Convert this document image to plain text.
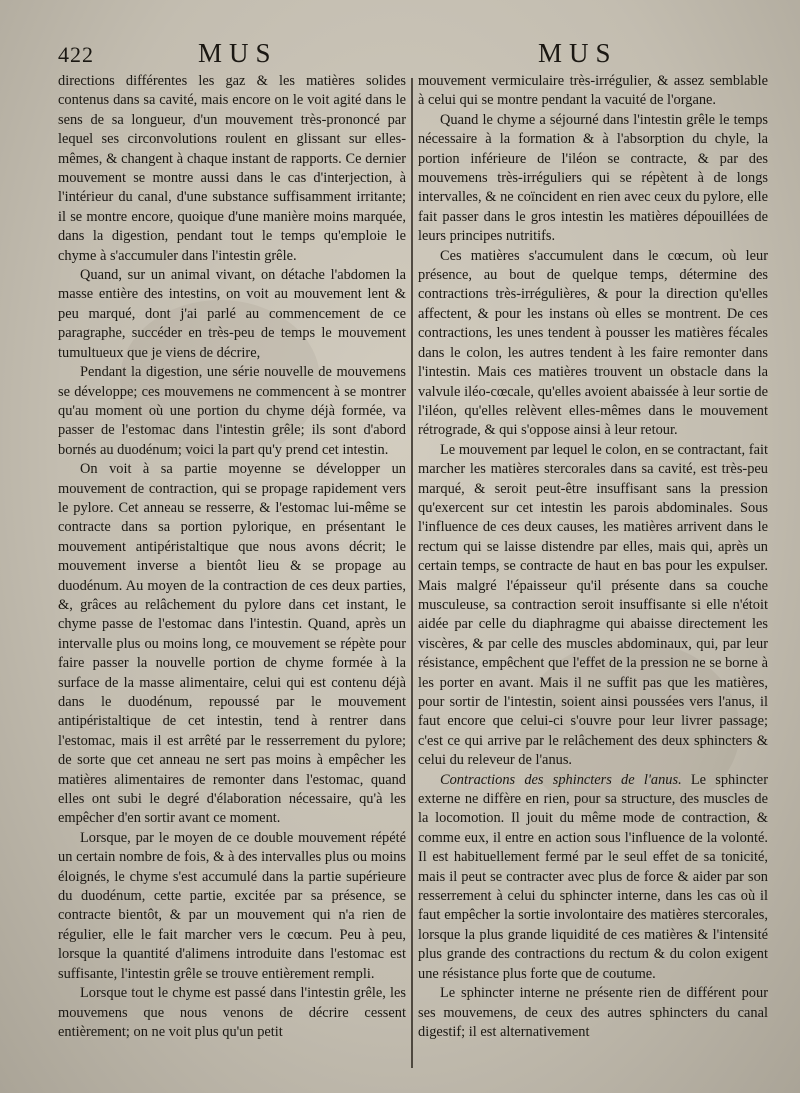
422	MUS	MUS

directions différentes les gaz & les matières solides contenus dans sa cavité, mais encore on le voit agité dans le sens de sa longueur, d'un mouvement très-prononcé par lequel ses circonvolutions roulent en glissant sur elles-mêmes, & changent à chaque instant de rapports. Ce dernier mouvement se montre aussi dans le cas d'interjection, à l'intérieur du canal, d'une substance suffisamment irritante; il se montre encore, quoique d'une manière moins marquée, dans la digestion, pendant tout le temps qu'emploie le chyme à s'accumuler dans l'intestin grêle.

Quand, sur un animal vivant, on détache l'abdomen la masse entière des intestins, on voit au mouvement lent & peu marqué, dont j'ai parlé au commencement de ce paragraphe, succéder en très-peu de temps le mouvement tumultueux que je viens de décrire,

Pendant la digestion, une série nouvelle de mouvemens se développe; ces mouvemens ne commencent à se montrer qu'au moment où une portion du chyme déjà formée, va passer de l'estomac dans l'intestin grêle; ils sont d'abord bornés au duodénum; voici la part qu'y prend cet intestin.

On voit à sa partie moyenne se développer un mouvement de contraction, qui se propage rapidement vers le pylore. Cet anneau se resserre, & l'estomac lui-même se contracte dans sa portion pylorique, en présentant le mouvement antipéristaltique que nous avons décrit; le mouvement inverse a bientôt lieu & se propage au duodénum. Au moyen de la contraction de ces deux parties, &, grâces au relâchement du pylore dans cet instant, le chyme passe de l'estomac dans l'intestin. Quand, après un intervalle plus ou moins long, ce mouvement se répète pour faire passer la nouvelle portion de chyme formée à la surface de la masse alimentaire, celui qui est contenu déjà dans le duodénum, repoussé par le mouvement antipéristaltique de cet intestin, tend à rentrer dans l'estomac, mais il est arrêté par le resserrement du pylore; de sorte que cet anneau ne sert pas moins à empêcher les matières alimentaires de remonter dans l'estomac, quand elles ont subi le degré d'élaboration nécessaire, qu'à les empêcher d'en sortir avant ce moment.

Lorsque, par le moyen de ce double mouvement répété un certain nombre de fois, & à des intervalles plus ou moins éloignés, le chyme s'est accumulé dans la partie supérieure du duodénum, cette partie, excitée par sa présence, se contracte bientôt, & par un mouvement qui n'a rien de régulier, elle le fait marcher vers le cœcum. Peu à peu, lorsque la quantité d'alimens introduite dans l'estomac est suffisante, l'intestin grêle se trouve entièrement rempli.

Lorsque tout le chyme est passé dans l'intestin grêle, les mouvemens que nous venons de décrire cessent entièrement; on ne voit plus qu'un petit

mouvement vermiculaire très-irrégulier, & assez semblable à celui qui se montre pendant la vacuité de l'organe.

Quand le chyme a séjourné dans l'intestin grêle le temps nécessaire à la formation & à l'absorption du chyle, la portion inférieure de l'iléon se contracte, & par des mouvemens très-irréguliers qui se répètent à de longs intervalles, & ne coïncident en rien avec ceux du pylore, elle fait passer dans le gros intestin les matières dépouillées de leurs principes nutritifs.

Ces matières s'accumulent dans le cœcum, où leur présence, au bout de quelque temps, détermine des contractions très-irrégulières, & pour la direction qu'elles affectent, & pour les instans où elles se montrent. De ces contractions, les unes tendent à pousser les matières fécales dans le colon, les autres tendent à les faire remonter dans l'intestin. Mais ces matières trouvent un obstacle dans la valvule iléo-cœcale, qu'elles avoient abaissée à leur sortie de l'iléon, qu'elles relèvent elles-mêmes dans le mouvement rétrograde, & qui s'oppose ainsi à leur retour.

Le mouvement par lequel le colon, en se contractant, fait marcher les matières stercorales dans sa cavité, est très-peu marqué, & seroit peut-être insuffisant sans la pression qu'exercent sur cet intestin les parois abdominales. Sous l'influence de ces deux causes, les matières arrivent dans le rectum qui se laisse distendre par elles, mais qui, après un certain temps, se contracte de haut en bas pour les expulser. Mais malgré l'épaisseur qu'il présente dans sa couche musculeuse, sa contraction seroit insuffisante si elle n'étoit aidée par celle du diaphragme qui abaisse directement les viscères, & par celle des muscles abdominaux, qui, par leur résistance, empêchent que l'effet de la pression ne se borne à les porter en avant. Mais il ne suffit pas que les matières, pour sortir de l'intestin, soient ainsi poussées vers l'anus, il faut encore que celui-ci s'ouvre pour leur livrer passage; c'est ce qui arrive par le relâchement des deux sphincters & celui du releveur de l'anus.

Contractions des sphincters de l'anus. Le sphincter externe ne diffère en rien, pour sa structure, des muscles de la locomotion. Il jouit du même mode de contraction, & comme eux, il entre en action sous l'influence de la volonté. Il est habituellement fermé par le seul effet de sa tonicité, mais il peut se contracter avec plus de force & aider par son resserrement à celui du sphincter interne, dans les cas où il faut empêcher la sortie involontaire des matières stercorales, lorsque la plus grande liquidité de ces matières & l'intensité plus grande des contractions du rectum & du colon exigent une résistance plus forte que de coutume.

Le sphincter interne ne présente rien de différent pour ses mouvemens, de ceux des autres sphincters du canal digestif; il est alternativement
